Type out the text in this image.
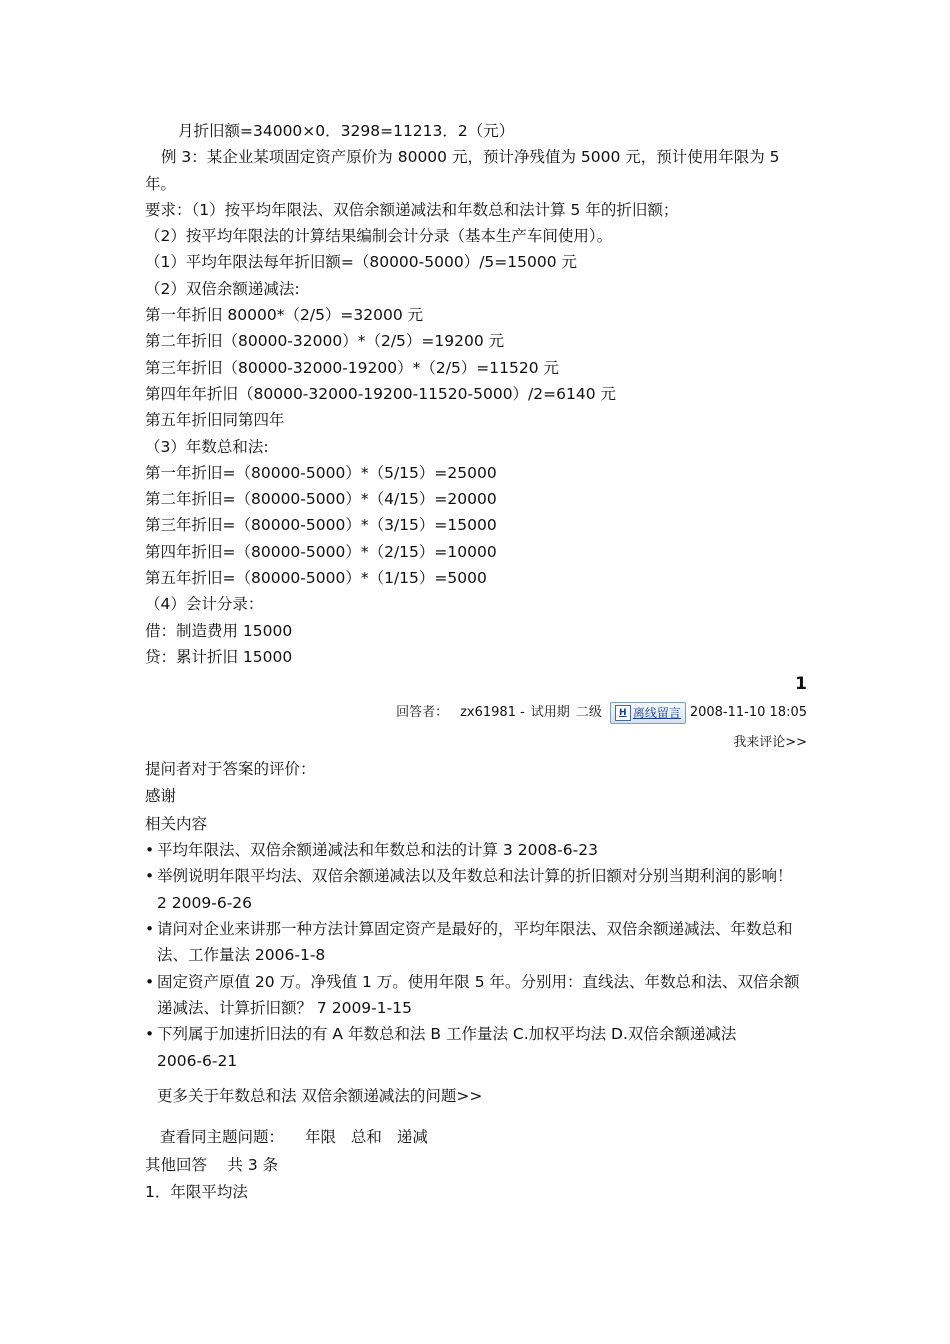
月折旧额=34000×0．3298=11213．2（元）
例 3：某企业某项固定资产原价为 80000 元，预计净残值为 5000 元，预计使用年限为 5
年。
要求：（1）按平均年限法、双倍余额递减法和年数总和法计算 5 年的折旧额；
（2）按平均年限法的计算结果编制会计分录（基本生产车间使用）。
（1）平均年限法每年折旧额=（80000-5000）/5=15000 元
（2）双倍余额递减法:
第一年折旧 80000*（2/5）=32000 元
第二年折旧（80000-32000）*（2/5）=19200 元
第三年折旧（80000-32000-19200）*（2/5）=11520 元
第四年年折旧（80000-32000-19200-11520-5000）/2=6140 元
第五年折旧同第四年
（3）年数总和法:
第一年折旧=（80000-5000）*（5/15）=25000
第二年折旧=（80000-5000）*（4/15）=20000
第三年折旧=（80000-5000）*（3/15）=15000
第四年折旧=（80000-5000）*（2/15）=10000
第五年折旧=（80000-5000）*（1/15）=5000
（4）会计分录：
借：制造费用 15000
贷：累计折旧 15000
1
回答者： zx61981 - 试用期 二级	H 离线留言 2008-11-10 18:05
我来评论>>
提问者对于答案的评价：
感谢
相关内容
• 平均年限法、双倍余额递减法和年数总和法的计算 3 2008-6-23
• 举例说明年限平均法、双倍余额递减法以及年数总和法计算的折旧额对分别当期利润的影响！ 2 2009-6-26
• 请问对企业来讲那一种方法计算固定资产是最好的，平均年限法、双倍余额递减法、年数总和法、工作量法 2006-1-8
• 固定资产原值 20 万。净残值 1 万。使用年限 5 年。分别用：直线法、年数总和法、双倍余额递减法、计算折旧额？ 7 2009-1-15
• 下列属于加速折旧法的有 A 年数总和法 B 工作量法 C.加权平均法 D.双倍余额递减法 2006-6-21
更多关于年数总和法 双倍余额递减法的问题>>
查看同主题问题： 年限 总和 递减
其他回答　 共 3 条
1．年限平均法
